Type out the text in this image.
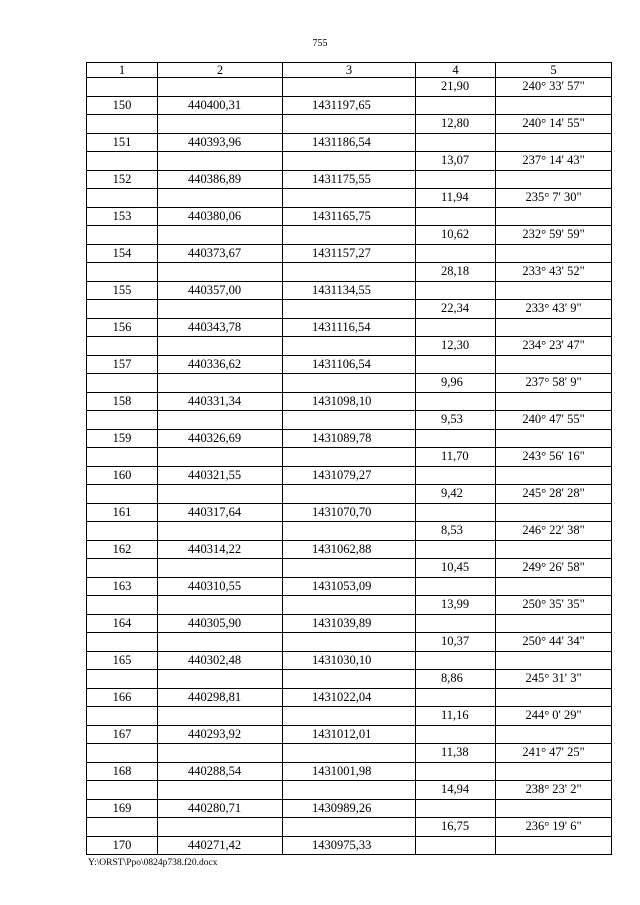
755
1	2	3	4	5
			21,90	240° 33' 57"
150	440400,31	1431197,65		
			12,80	240° 14' 55"
151	440393,96	1431186,54		
			13,07	237° 14' 43"
152	440386,89	1431175,55		
			11,94	235° 7' 30"
153	440380,06	1431165,75		
			10,62	232° 59' 59"
154	440373,67	1431157,27		
			28,18	233° 43' 52"
155	440357,00	1431134,55		
			22,34	233° 43' 9"
156	440343,78	1431116,54		
			12,30	234° 23' 47"
157	440336,62	1431106,54		
			9,96	237° 58' 9"
158	440331,34	1431098,10		
			9,53	240° 47' 55"
159	440326,69	1431089,78		
			11,70	243° 56' 16"
160	440321,55	1431079,27		
			9,42	245° 28' 28"
161	440317,64	1431070,70		
			8,53	246° 22' 38"
162	440314,22	1431062,88		
			10,45	249° 26' 58"
163	440310,55	1431053,09		
			13,99	250° 35' 35"
164	440305,90	1431039,89		
			10,37	250° 44' 34"
165	440302,48	1431030,10		
			8,86	245° 31' 3"
166	440298,81	1431022,04		
			11,16	244° 0' 29"
167	440293,92	1431012,01		
			11,38	241° 47' 25"
168	440288,54	1431001,98		
			14,94	238° 23' 2"
169	440280,71	1430989,26		
			16,75	236° 19' 6"
170	440271,42	1430975,33		
Y:\ORST\Ppo\0824p738.f20.docx
